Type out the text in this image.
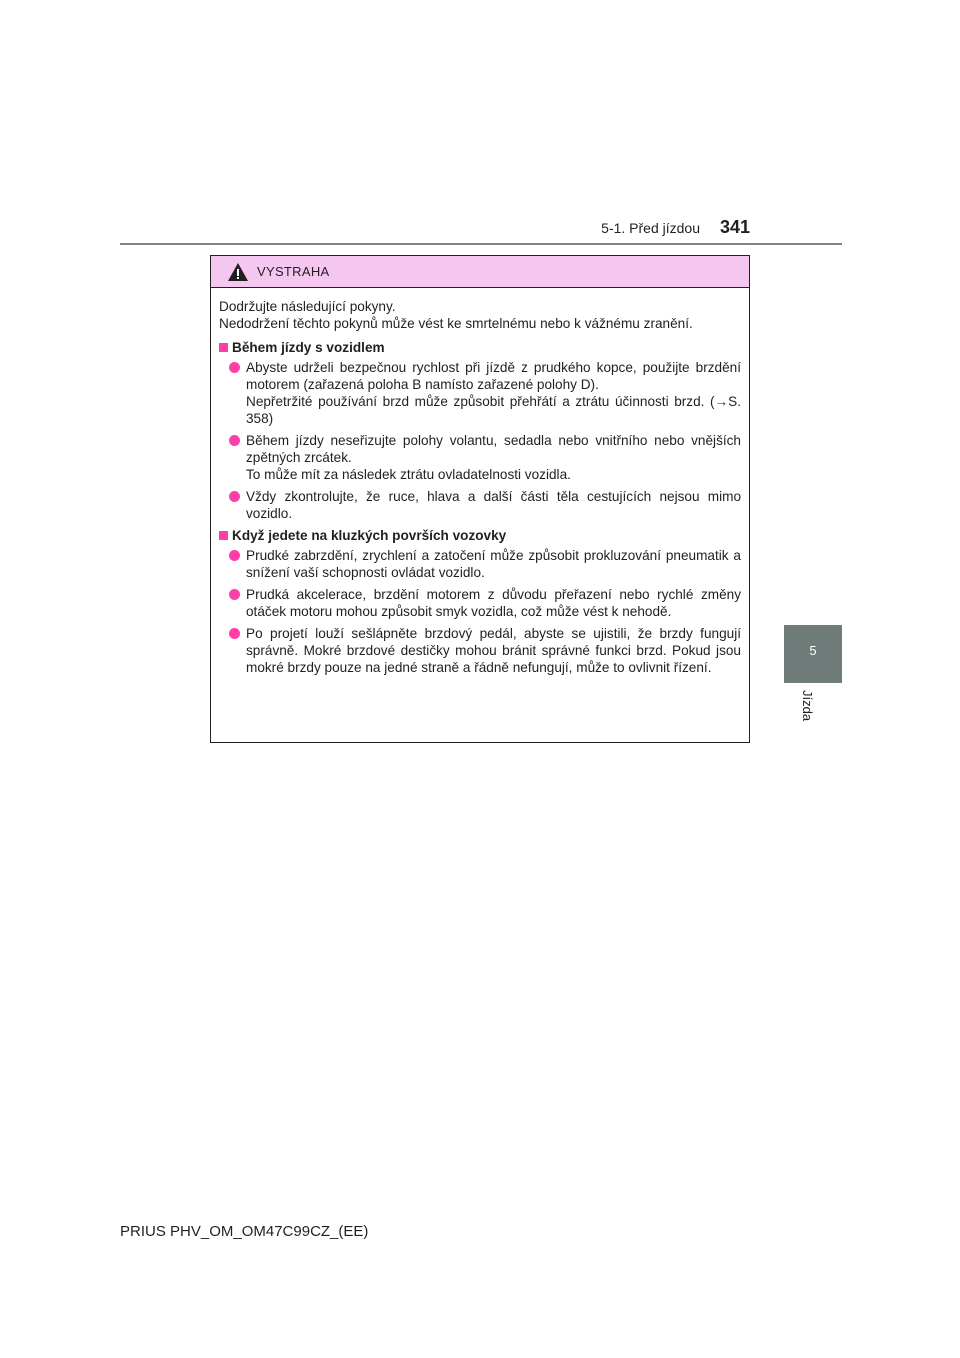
5-1. Před jízdou 341
5
Jízda
VYSTRAHA

Dodržujte následující pokyny.

Nedodržení těchto pokynů může vést ke smrtelnému nebo k vážnému zranění.

Během jízdy s vozidlem

Abyste udrželi bezpečnou rychlost při jízdě z prudkého kopce, použijte brzdění motorem (zařazená poloha B namísto zařazené polohy D).

Nepřetržité používání brzd může způsobit přehřátí a ztrátu účinnosti brzd. (→S. 358)

Během jízdy neseřizujte polohy volantu, sedadla nebo vnitřního nebo vnějších zpětných zrcátek.

To může mít za následek ztrátu ovladatelnosti vozidla.

Vždy zkontrolujte, že ruce, hlava a další části těla cestujících nejsou mimo vozidlo.

Když jedete na kluzkých površích vozovky

Prudké zabrzdění, zrychlení a zatočení může způsobit prokluzování pneumatik a snížení vaší schopnosti ovládat vozidlo.

Prudká akcelerace, brzdění motorem z důvodu přeřazení nebo rychlé změny otáček motoru mohou způsobit smyk vozidla, což může vést k nehodě.

Po projetí louží sešlápněte brzdový pedál, abyste se ujistili, že brzdy fungují správně. Mokré brzdové destičky mohou bránit správné funkci brzd. Pokud jsou mokré brzdy pouze na jedné straně a řádně nefungují, může to ovlivnit řízení.

PRIUS PHV_OM_OM47C99CZ_(EE)
